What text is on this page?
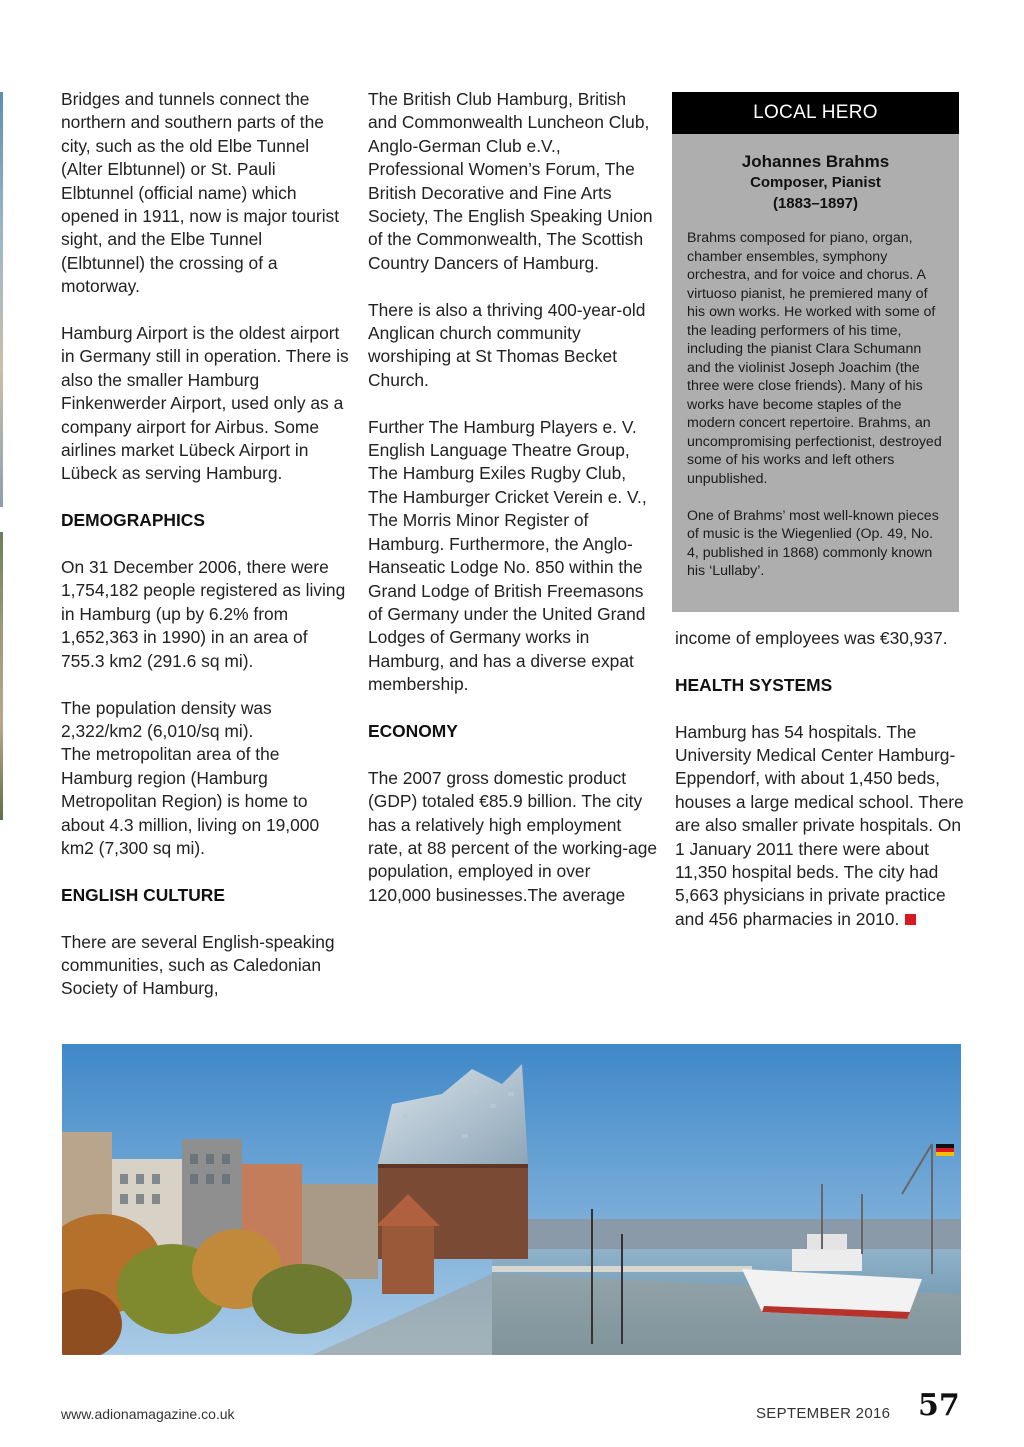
Bridges and tunnels connect the northern and southern parts of the city, such as the old Elbe Tunnel (Alter Elbtunnel) or St. Pauli Elbtunnel (official name) which opened in 1911, now is major tourist sight, and the Elbe Tunnel (Elbtunnel) the crossing of a motorway.

Hamburg Airport is the oldest airport in Germany still in operation. There is also the smaller Hamburg Finkenwerder Airport, used only as a company airport for Airbus. Some airlines market Lübeck Airport in Lübeck as serving Hamburg.

DEMOGRAPHICS

On 31 December 2006, there were 1,754,182 people registered as living in Hamburg (up by 6.2% from 1,652,363 in 1990) in an area of 755.3 km2 (291.6 sq mi).

The population density was 2,322/km2 (6,010/sq mi).

The metropolitan area of the Hamburg region (Hamburg Metropolitan Region) is home to about 4.3 million, living on 19,000 km2 (7,300 sq mi).

ENGLISH CULTURE

There are several English-speaking communities, such as Caledonian Society of Hamburg,

The British Club Hamburg, British and Commonwealth Luncheon Club, Anglo-German Club e.V., Professional Women’s Forum, The British Decorative and Fine Arts Society, The English Speaking Union of the Commonwealth, The Scottish Country Dancers of Hamburg.

There is also a thriving 400-year-old Anglican church community worshiping at St Thomas Becket Church.

Further The Hamburg Players e. V. English Language Theatre Group, The Hamburg Exiles Rugby Club, The Hamburger Cricket Verein e. V., The Morris Minor Register of Hamburg. Furthermore, the Anglo-Hanseatic Lodge No. 850 within the Grand Lodge of British Freemasons of Germany under the United Grand Lodges of Germany works in Hamburg, and has a diverse expat membership.

ECONOMY

The 2007 gross domestic product (GDP) totaled €85.9 billion. The city has a relatively high employment rate, at 88 percent of the working-age population, employed in over 120,000 businesses.The average

LOCAL HERO
Johannes Brahms
Composer, Pianist
(1883–1897)

Brahms composed for piano, organ, chamber ensembles, symphony orchestra, and for voice and chorus. A virtuoso pianist, he premiered many of his own works. He worked with some of the leading performers of his time, including the pianist Clara Schumann and the violinist Joseph Joachim (the three were close friends). Many of his works have become staples of the modern concert repertoire. Brahms, an uncompromising perfectionist, destroyed some of his works and left others unpublished.

One of Brahms’ most well-known pieces of music is the Wiegenlied (Op. 49, No. 4, published in 1868) commonly known his ‘Lullaby’.

income of employees was €30,937.

HEALTH SYSTEMS

Hamburg has 54 hospitals. The University Medical Center Hamburg-Eppendorf, with about 1,450 beds, houses a large medical school. There are also smaller private hospitals. On 1 January 2011 there were about 11,350 hospital beds. The city had 5,663 physicians in private practice and 456 pharmacies in 2010.

www.adionamagazine.co.uk	SEPTEMBER 2016 57
